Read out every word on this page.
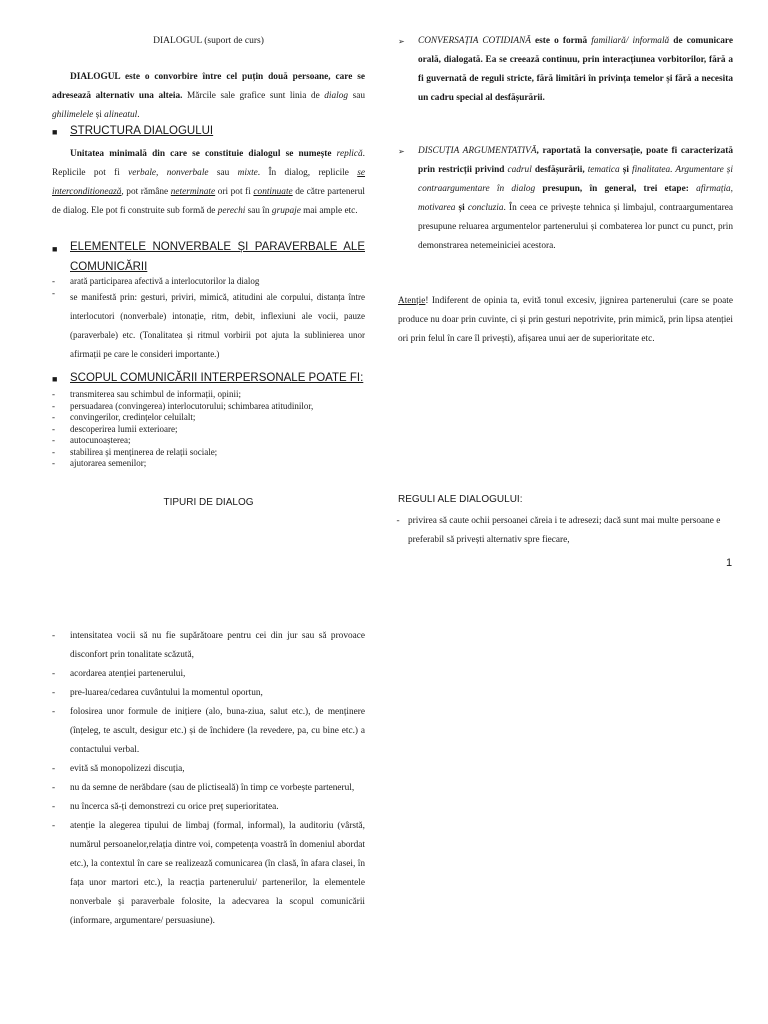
DIALOGUL (suport de curs)
DIALOGUL este o convorbire între cel puțin două persoane, care se adresează alternativ una alteia. Mărcile sale grafice sunt linia de dialog sau ghilimelele și alineatul.
■	STRUCTURA DIALOGULUI
Unitatea minimală din care se constituie dialogul se numește replică. Replicile pot fi verbale, nonverbale sau mixte. În dialog, replicile se interconditionează, pot rămâne neterminate ori pot fi continuate de către partenerul de dialog. Ele pot fi construite sub formă de perechi sau în grupaje mai ample etc.
■	ELEMENTELE NONVERBALE ȘI PARAVERBALE ALE COMUNICĂRII
-	arată participarea afectivă a interlocutorilor la dialog
-	se manifestă prin: gesturi, priviri, mimică, atitudini ale corpului, distanța între interlocutori (nonverbale) intonație, ritm, debit, inflexiuni ale vocii, pauze (paraverbale) etc. (Tonalitatea și ritmul vorbirii pot ajuta la sublinierea unor afirmații pe care le consideri importante.)
■	SCOPUL COMUNICĂRII INTERPERSONALE POATE FI:
-	transmiterea sau schimbul de informații, opinii;
-	persuadarea (convingerea) interlocutorului; schimbarea atitudinilor,
-	convingerilor, credințelor celuilalt;
-	descoperirea lumii exterioare;
-	autocunoașterea;
-	stabilirea și menținerea de relații sociale;
-	ajutorarea semenilor;
TIPURI DE DIALOG
➢ CONVERSAȚIA COTIDIANĂ este o formă familiară/ informală de comunicare orală, dialogată. Ea se creează continuu, prin interacțiunea vorbitorilor, fără a fi guvernată de reguli stricte, fără limitări în privința temelor și fără a necesita un cadru special al desfășurării.

➢ DISCUȚIA ARGUMENTATIVĂ, raportată la conversație, poate fi caracterizată prin restricții privind cadrul desfășurării, tematica și finalitatea. Argumentare și contraargumentare în dialog presupun, în general, trei etape: afirmația, motivarea și concluzia. În ceea ce privește tehnica și limbajul, contraargumentarea presupune reluarea argumentelor partenerului și combaterea lor punct cu punct, prin demonstrarea netemeiniciei acestora.

Atenție! Indiferent de opinia ta, evită tonul excesiv, jignirea partenerului (care se poate produce nu doar prin cuvinte, ci și prin gesturi nepotrivite, prin mimică, prin lipsa atenției ori prin felul în care îl privești), afișarea unui aer de superioritate etc.
REGULI ALE DIALOGULUI:
- privirea să caute ochii persoanei căreia i te adresezi; dacă sunt mai multe persoane e preferabil să privești alternativ spre fiecare,
1
-	intensitatea vocii să nu fie supărătoare pentru cei din jur sau să provoace disconfort prin tonalitate scăzută,
-	acordarea atenției partenerului,
-	pre-luarea/cedarea cuvântului la momentul oportun,
-	folosirea unor formule de inițiere (alo, buna-ziua, salut etc.), de menținere (înțeleg, te ascult, desigur etc.) și de închidere (la revedere, pa, cu bine etc.) a contactului verbal.
-	evită să monopolizezi discuția,
-	nu da semne de nerăbdare (sau de plictiseală) în timp ce vorbește partenerul,
-	nu încerca să-ți demonstrezi cu orice preț superioritatea.
-	atenție la alegerea tipului de limbaj (formal, informal), la auditoriu (vârstă, numărul persoanelor,relația dintre voi, competența voastră în domeniul abordat etc.), la contextul în care se realizează comunicarea (în clasă, în afara clasei, în fața unor martori etc.), la reacția partenerului/ partenerilor, la elementele nonverbale și paraverbale folosite, la adecvarea la scopul comunicării (informare, argumentare/ persuasiune).
